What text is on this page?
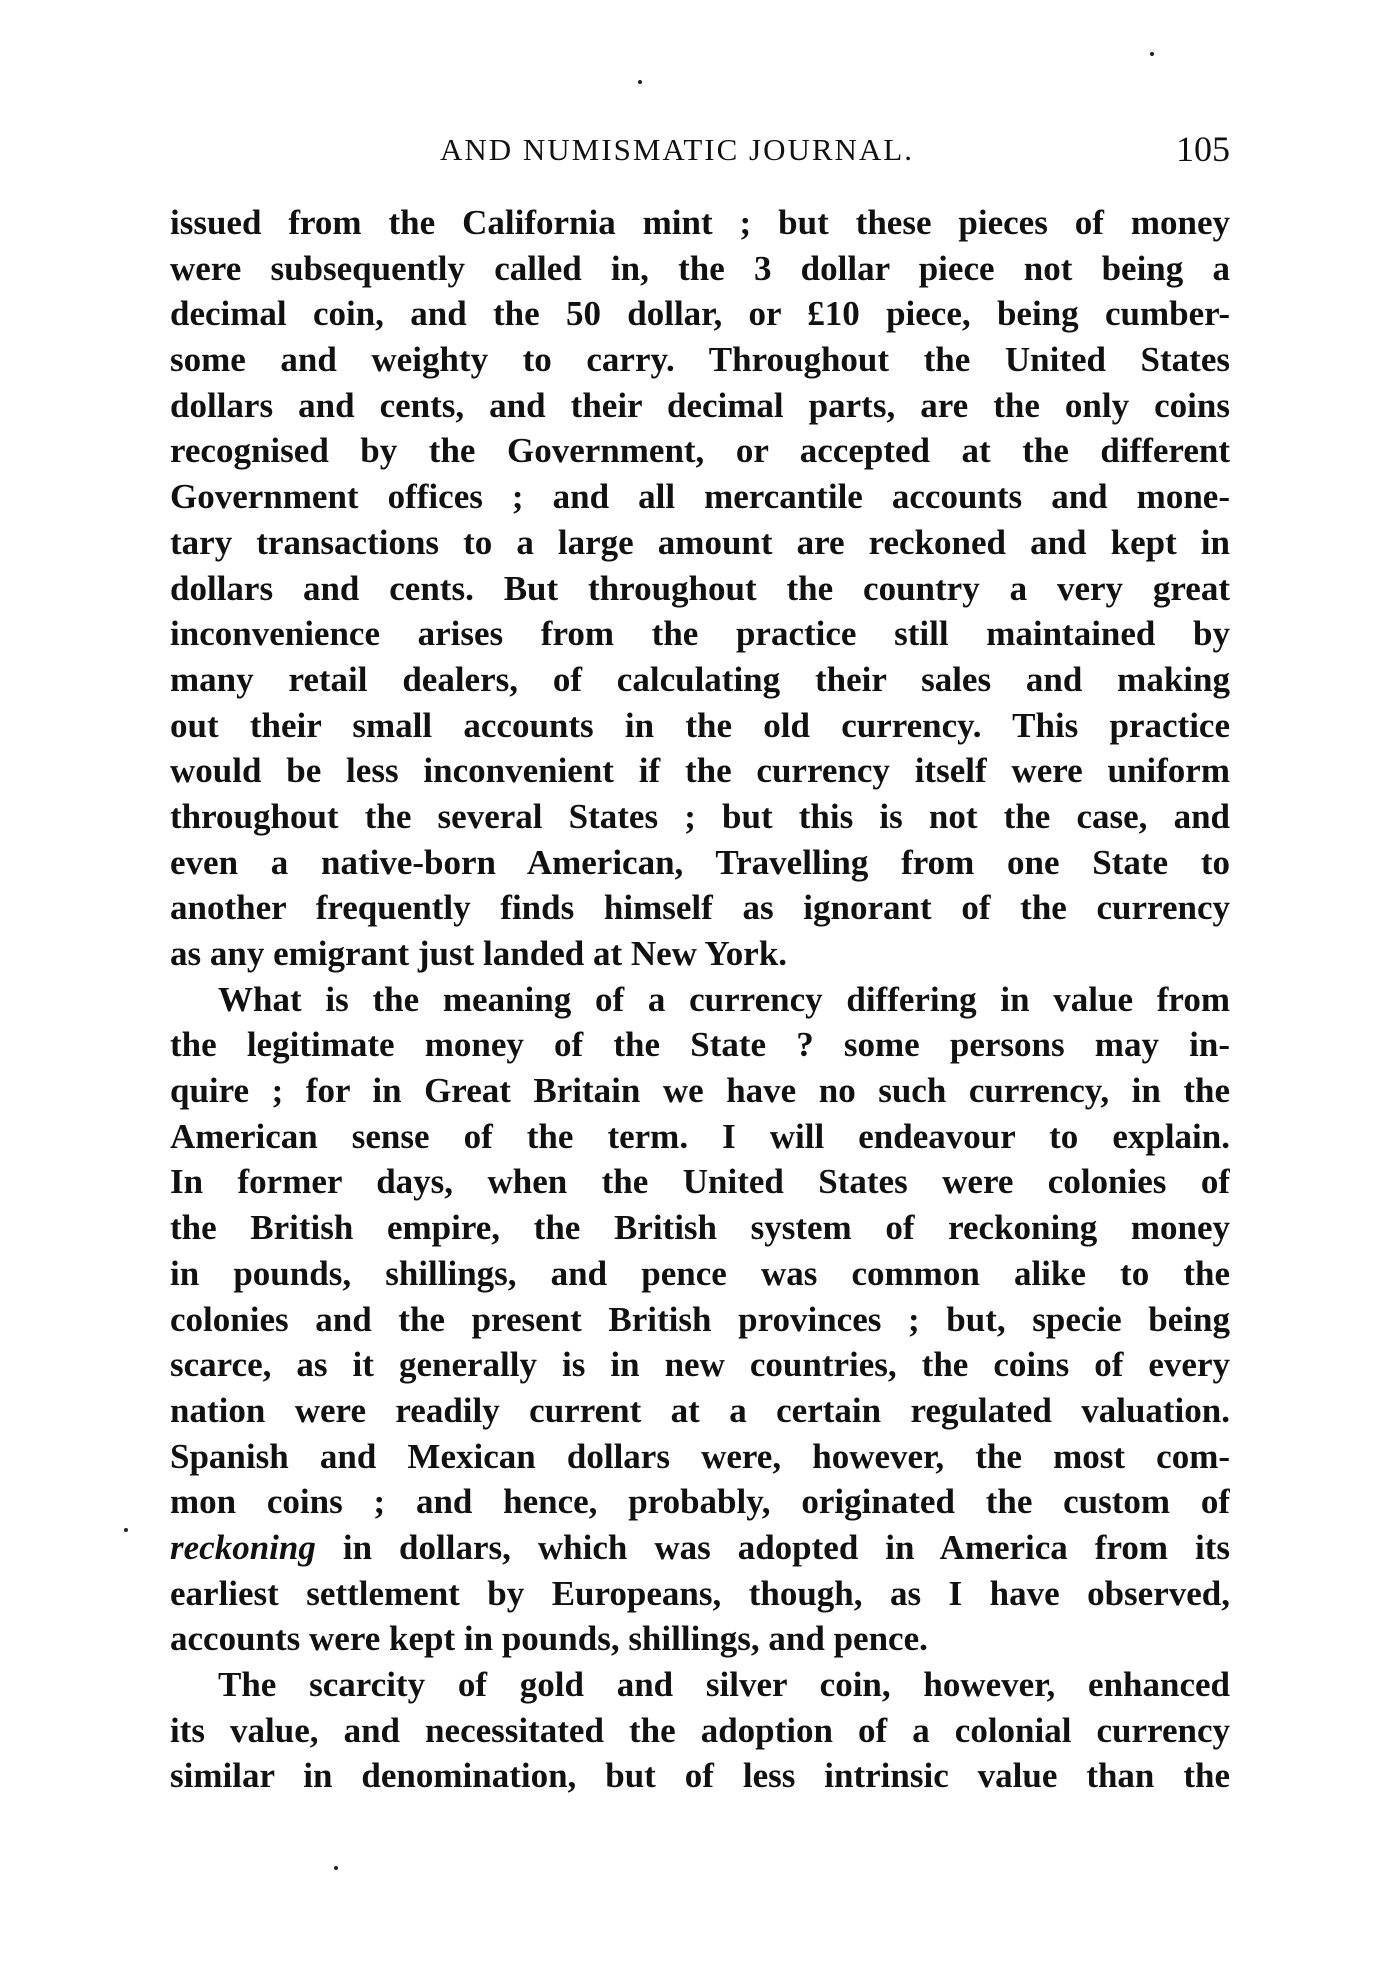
AND NUMISMATIC JOURNAL.	105
issued from the California mint ; but these pieces of money
were subsequently called in, the 3 dollar piece not being a
decimal coin, and the 50 dollar, or £10 piece, being cumber-
some and weighty to carry. Throughout the United States
dollars and cents, and their decimal parts, are the only coins
recognised by the Government, or accepted at the different
Government offices ; and all mercantile accounts and mone-
tary transactions to a large amount are reckoned and kept in
dollars and cents. But throughout the country a very great
inconvenience arises from the practice still maintained by
many retail dealers, of calculating their sales and making
out their small accounts in the old currency. This practice
would be less inconvenient if the currency itself were uniform
throughout the several States ; but this is not the case, and
even a native-born American, Travelling from one State to
another frequently finds himself as ignorant of the currency
as any emigrant just landed at New York.
What is the meaning of a currency differing in value from
the legitimate money of the State ? some persons may in-
quire ; for in Great Britain we have no such currency, in the
American sense of the term. I will endeavour to explain.
In former days, when the United States were colonies of
the British empire, the British system of reckoning money
in pounds, shillings, and pence was common alike to the
colonies and the present British provinces ; but, specie being
scarce, as it generally is in new countries, the coins of every
nation were readily current at a certain regulated valuation.
Spanish and Mexican dollars were, however, the most com-
mon coins ; and hence, probably, originated the custom of
reckoning in dollars, which was adopted in America from its
earliest settlement by Europeans, though, as I have observed,
accounts were kept in pounds, shillings, and pence.
The scarcity of gold and silver coin, however, enhanced
its value, and necessitated the adoption of a colonial currency
similar in denomination, but of less intrinsic value than the
